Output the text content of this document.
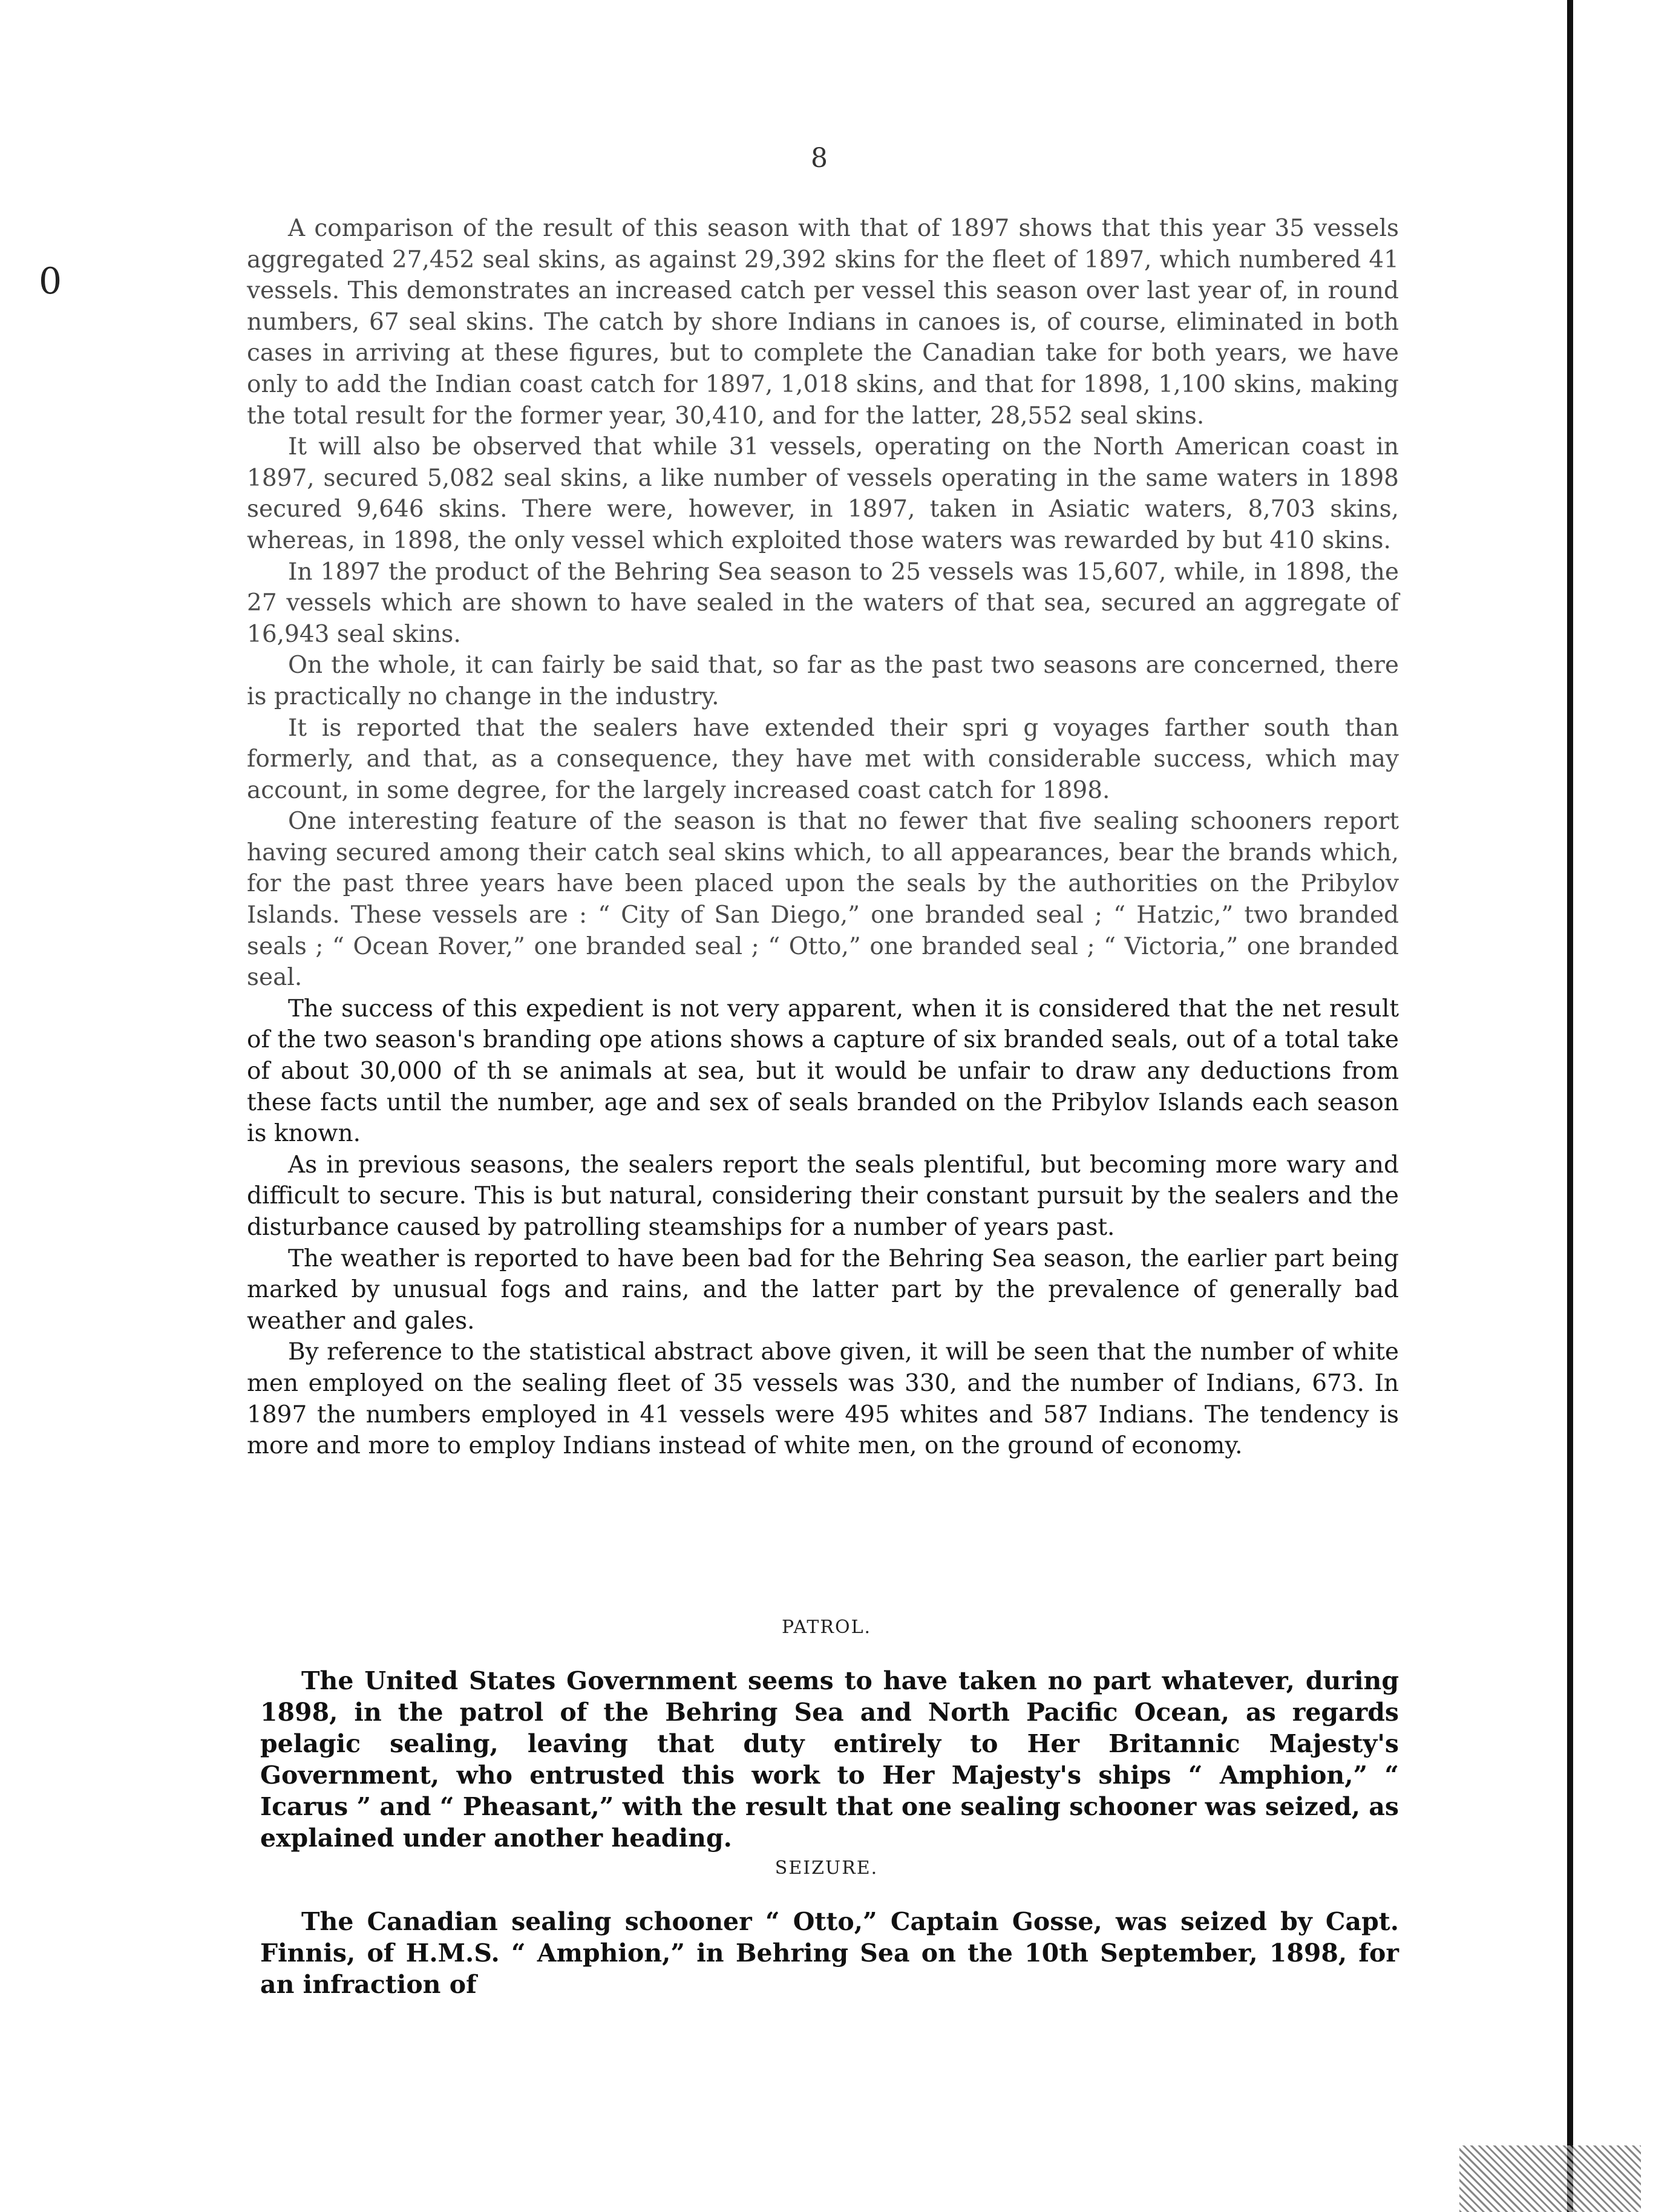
0
8

A comparison of the result of this season with that of 1897 shows that this year 35 vessels aggregated 27,452 seal skins, as against 29,392 skins for the fleet of 1897, which numbered 41 vessels. This demonstrates an increased catch per vessel this season over last year of, in round numbers, 67 seal skins. The catch by shore Indians in canoes is, of course, eliminated in both cases in arriving at these figures, but to complete the Canadian take for both years, we have only to add the Indian coast catch for 1897, 1,018 skins, and that for 1898, 1,100 skins, making the total result for the former year, 30,410, and for the latter, 28,552 seal skins.

It will also be observed that while 31 vessels, operating on the North American coast in 1897, secured 5,082 seal skins, a like number of vessels operating in the same waters in 1898 secured 9,646 skins. There were, however, in 1897, taken in Asiatic waters, 8,703 skins, whereas, in 1898, the only vessel which exploited those waters was rewarded by but 410 skins.

In 1897 the product of the Behring Sea season to 25 vessels was 15,607, while, in 1898, the 27 vessels which are shown to have sealed in the waters of that sea, secured an aggregate of 16,943 seal skins.

On the whole, it can fairly be said that, so far as the past two seasons are concerned, there is practically no change in the industry.

It is reported that the sealers have extended their spri g voyages farther south than formerly, and that, as a consequence, they have met with considerable success, which may account, in some degree, for the largely increased coast catch for 1898.

One interesting feature of the season is that no fewer that five sealing schooners report having secured among their catch seal skins which, to all appearances, bear the brands which, for the past three years have been placed upon the seals by the authorities on the Pribylov Islands. These vessels are : “ City of San Diego,” one branded seal ; “ Hatzic,” two branded seals ; “ Ocean Rover,” one branded seal ; “ Otto,” one branded seal ; “ Victoria,” one branded seal.

The success of this expedient is not very apparent, when it is considered that the net result of the two season's branding ope ations shows a capture of six branded seals, out of a total take of about 30,000 of th se animals at sea, but it would be unfair to draw any deductions from these facts until the number, age and sex of seals branded on the Pribylov Islands each season is known.

As in previous seasons, the sealers report the seals plentiful, but becoming more wary and difficult to secure. This is but natural, considering their constant pursuit by the sealers and the disturbance caused by patrolling steamships for a number of years past.

The weather is reported to have been bad for the Behring Sea season, the earlier part being marked by unusual fogs and rains, and the latter part by the prevalence of generally bad weather and gales.

By reference to the statistical abstract above given, it will be seen that the number of white men employed on the sealing fleet of 35 vessels was 330, and the number of Indians, 673. In 1897 the numbers employed in 41 vessels were 495 whites and 587 Indians. The tendency is more and more to employ Indians instead of white men, on the ground of economy.

PATROL.

The United States Government seems to have taken no part whatever, during 1898, in the patrol of the Behring Sea and North Pacific Ocean, as regards pelagic sealing, leaving that duty entirely to Her Britannic Majesty's Government, who entrusted this work to Her Majesty's ships “ Amphion,” “ Icarus ” and “ Pheasant,” with the result that one sealing schooner was seized, as explained under another heading.

SEIZURE.

The Canadian sealing schooner “ Otto,” Captain Gosse, was seized by Capt. Finnis, of H.M.S. “ Amphion,” in Behring Sea on the 10th September, 1898, for an infraction of
